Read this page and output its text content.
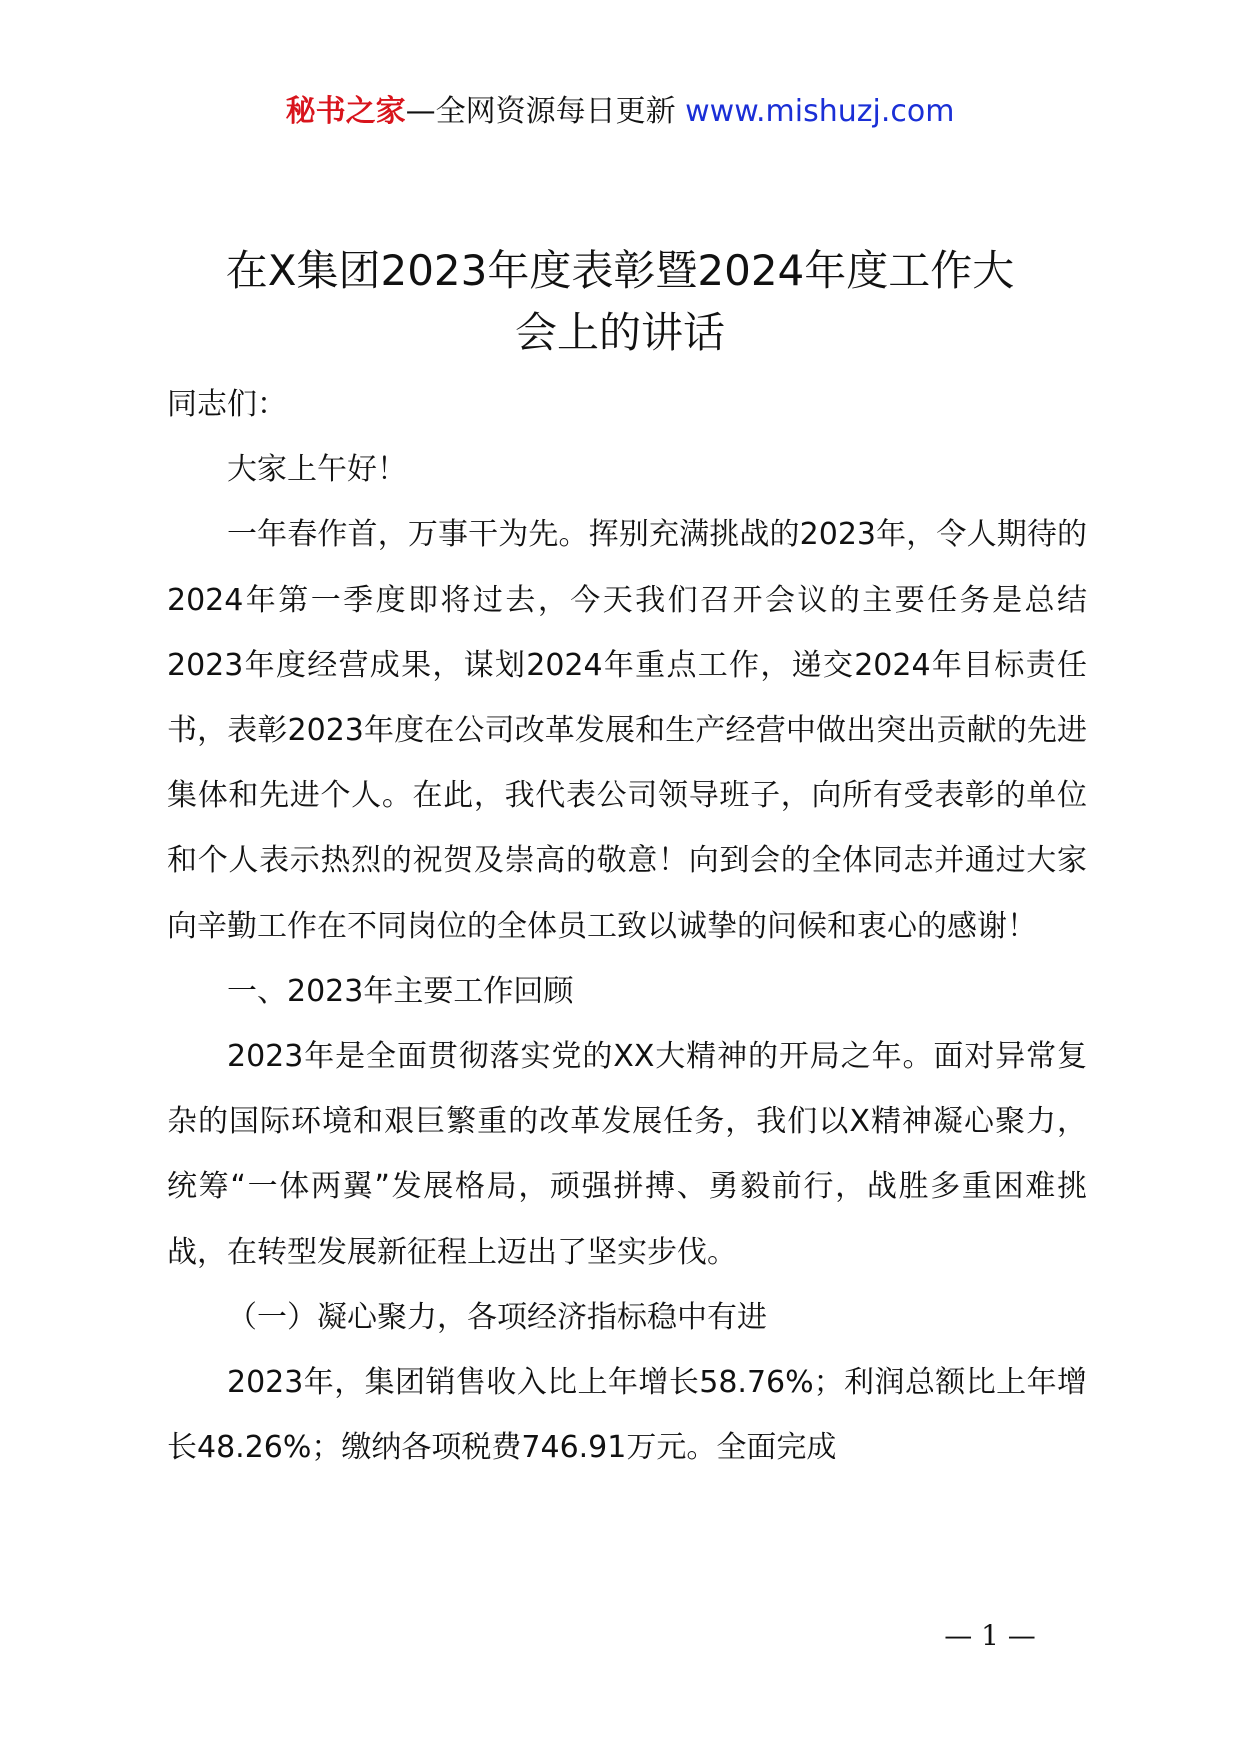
秘书之家—全网资源每日更新 www.mishuzj.com
在X集团2023年度表彰暨2024年度工作大
会上的讲话

同志们：

大家上午好！

一年春作首，万事干为先。挥别充满挑战的2023年，令人期待的2024年第一季度即将过去，今天我们召开会议的主要任务是总结2023年度经营成果，谋划2024年重点工作，递交2024年目标责任书，表彰2023年度在公司改革发展和生产经营中做出突出贡献的先进集体和先进个人。在此，我代表公司领导班子，向所有受表彰的单位和个人表示热烈的祝贺及崇高的敬意！向到会的全体同志并通过大家向辛勤工作在不同岗位的全体员工致以诚挚的问候和衷心的感谢！

一、2023年主要工作回顾

2023年是全面贯彻落实党的XX大精神的开局之年。面对异常复杂的国际环境和艰巨繁重的改革发展任务，我们以X精神凝心聚力，统筹“一体两翼”发展格局，顽强拼搏、勇毅前行，战胜多重困难挑战，在转型发展新征程上迈出了坚实步伐。

（一）凝心聚力，各项经济指标稳中有进

2023年，集团销售收入比上年增长58.76%；利润总额比上年增长48.26%；缴纳各项税费746.91万元。全面完成

— 1 —
